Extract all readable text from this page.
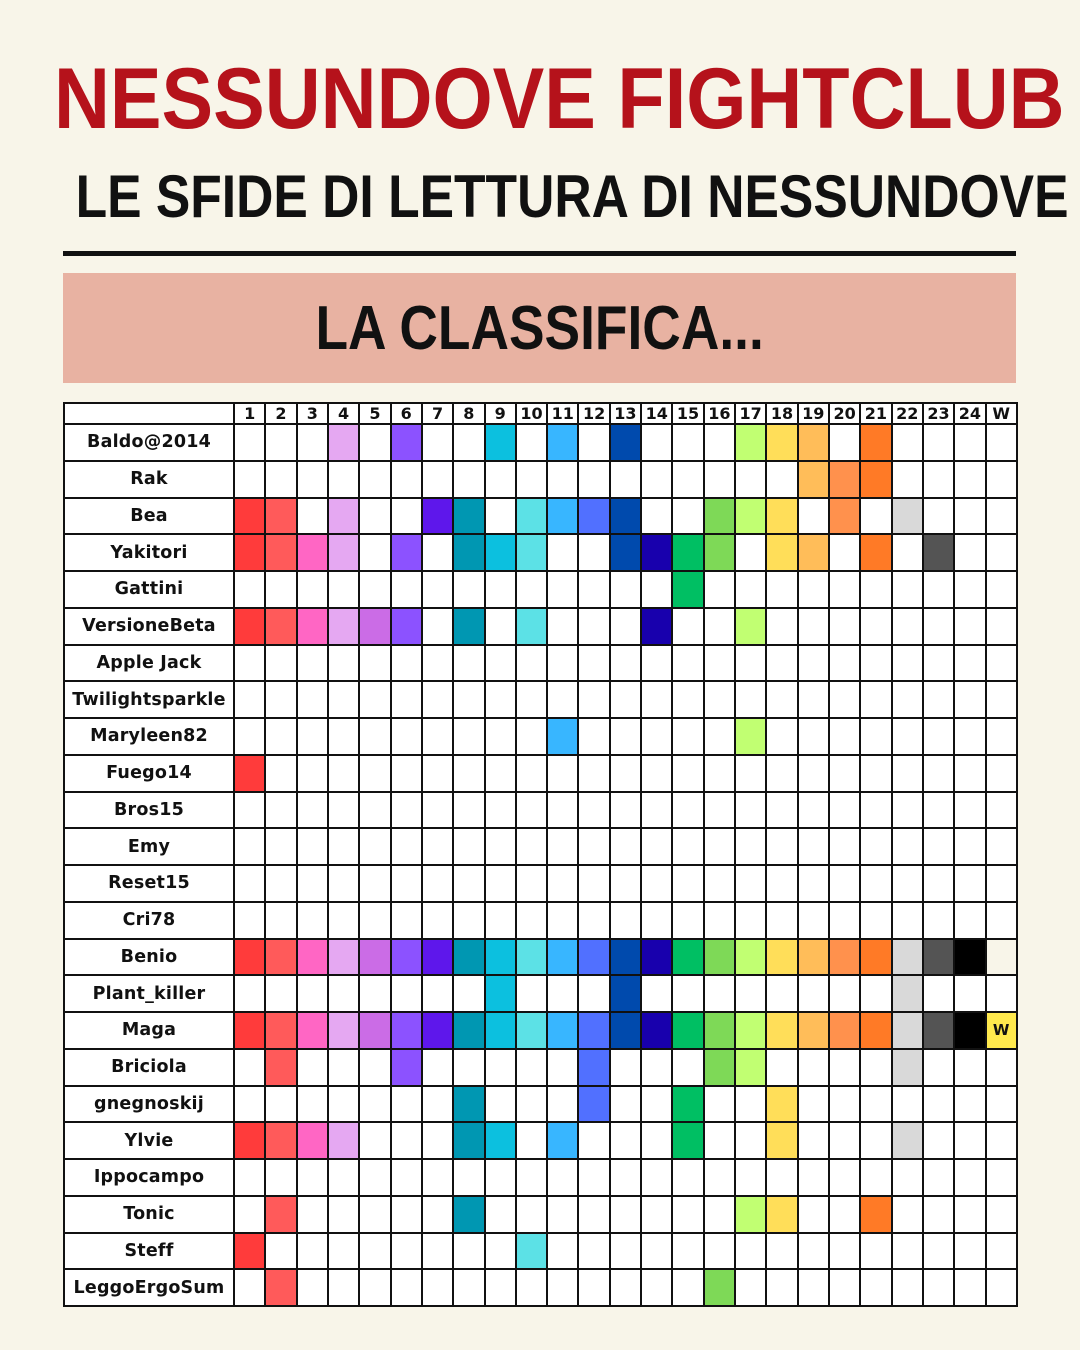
NESSUNDOVE FIGHTCLUB
LE SFIDE DI LETTURA DI NESSUNDOVE
LA CLASSIFICA...
	1	2	3	4	5	6	7	8	9	10	11	12	13	14	15	16	17	18	19	20	21	22	23	24	W
Baldo@2014																									
Rak																									
Bea																									
Yakitori																									
Gattini																									
VersioneBeta																									
Apple Jack																									
Twilightsparkle																									
Maryleen82																									
Fuego14																									
Bros15																									
Emy																									
Reset15																									
Cri78																									
Benio																									
Plant_killer																									
Maga																									W
Briciola																									
gnegnoskij																									
Ylvie																									
Ippocampo																									
Tonic																									
Steff																									
LeggoErgoSum																									
